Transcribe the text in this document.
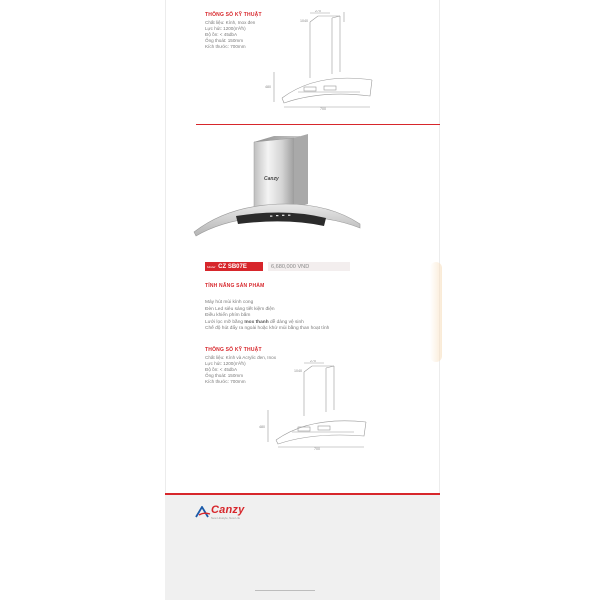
THÔNG SỐ KỸ THUẬT
Chất liệu: Kính, Inox đen
Lực hút: 1200(m³/h)
Độ ồn: < 45dbA
Ống thoát: 150mm
Kích thước: 700mm
270
1040
480
700
Canzy
Model CZ SB07E	6,680,000 VND
TÍNH NĂNG SẢN PHẨM
Máy hút mùi kính cong
Đèn Led siêu sáng tiết kiệm điện
Điều khiển phím bấm
Lưới lọc mỡ bằng Inox thanh dễ dàng vệ sinh
Chế độ hút đẩy ra ngoài hoặc khử mùi bằng than hoạt tính
THÔNG SỐ KỸ THUẬT
Chất liệu: Kính và Acrylic đen, Inox
Lực hút: 1200(m³/h)
Độ ồn: < 45dbA
Ống thoát: 150mm
Kích thước: 700mm
270
1040
480
700
Canzy
New Lifestyle, New Life
